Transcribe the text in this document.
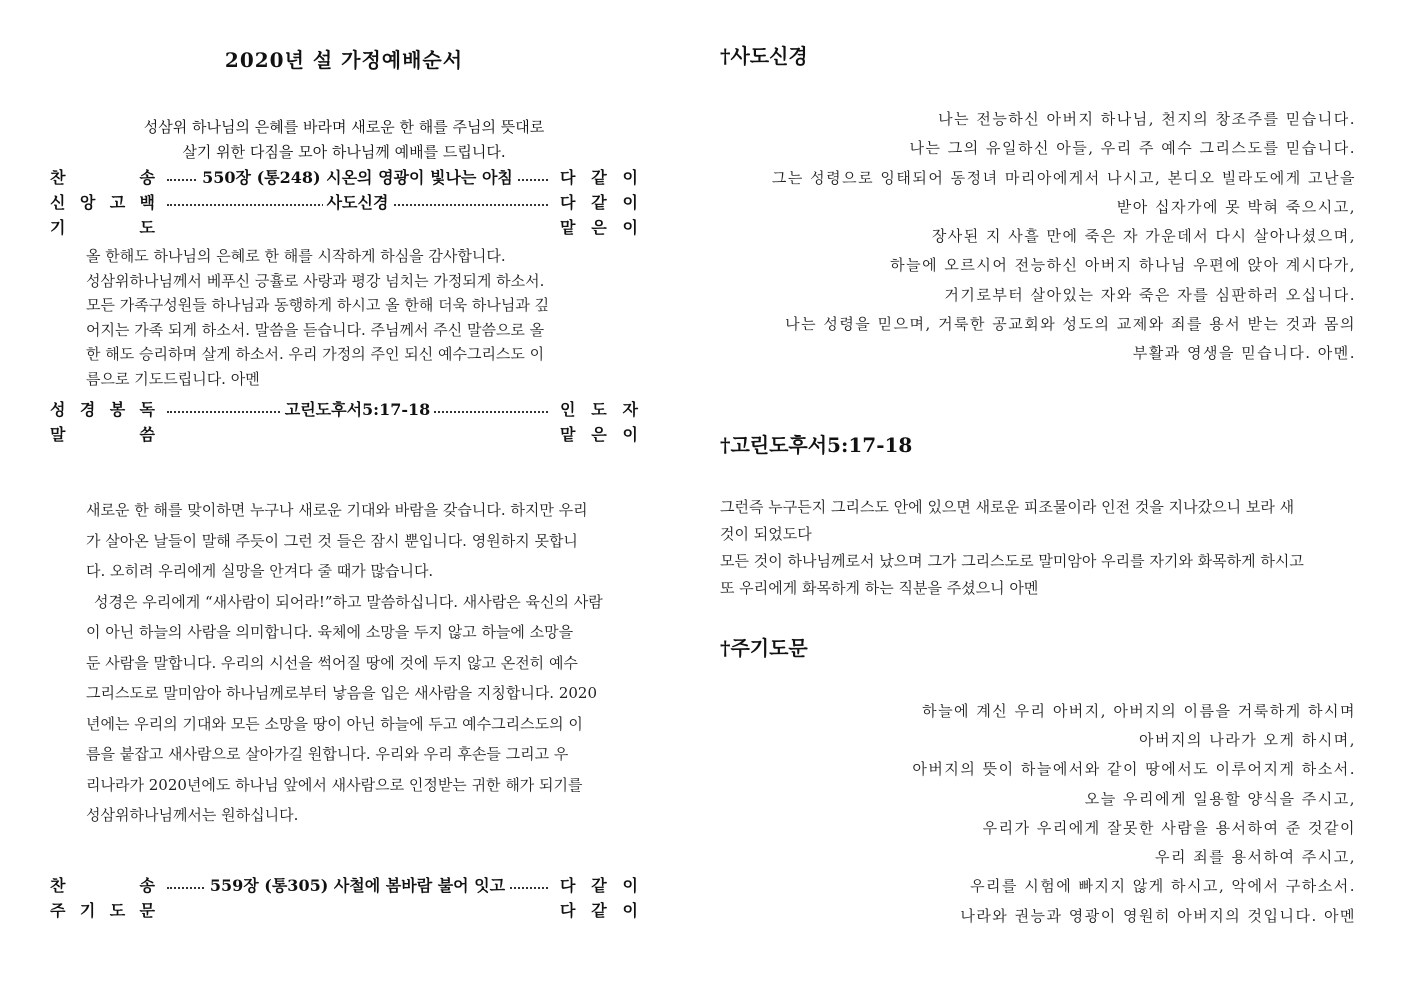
2020년 설 가정예배순서
성삼위 하나님의 은혜를 바라며 새로운 한 해를 주님의 뜻대로
살기 위한 다짐을 모아 하나님께 예배를 드립니다.
찬	송	550장 (통248) 시온의 영광이 빛나는 아침	다 같 이
신 앙 고 백	사도신경	다 같 이
기	도	맡 은 이

올 한해도 하나님의 은혜로 한 해를 시작하게 하심을 감사합니다.

성삼위하나님께서 베푸신 긍휼로 사랑과 평강 넘치는 가정되게 하소서.

모든 가족구성원들 하나님과 동행하게 하시고 올 한해 더욱 하나님과 깊

어지는 가족 되게 하소서. 말씀을 듣습니다. 주님께서 주신 말씀으로 올

한 해도 승리하며 살게 하소서. 우리 가정의 주인 되신 예수그리스도 이

름으로 기도드립니다. 아멘

성 경 봉 독	고린도후서5:17-18	인 도 자
말	씀	맡 은 이

새로운 한 해를 맞이하면 누구나 새로운 기대와 바람을 갖습니다. 하지만 우리

가 살아온 날들이 말해 주듯이 그런 것 들은 잠시 뿐입니다. 영원하지 못합니

다. 오히려 우리에게 실망을 안겨다 줄 때가 많습니다.

성경은 우리에게 “새사람이 되어라!”하고 말씀하십니다. 새사람은 육신의 사람

이 아닌 하늘의 사람을 의미합니다. 육체에 소망을 두지 않고 하늘에 소망을

둔 사람을 말합니다. 우리의 시선을 썩어질 땅에 것에 두지 않고 온전히 예수

그리스도로 말미암아 하나님께로부터 낳음을 입은 새사람을 지칭합니다. 2020

년에는 우리의 기대와 모든 소망을 땅이 아닌 하늘에 두고 예수그리스도의 이

름을 붙잡고 새사람으로 살아가길 원합니다. 우리와 우리 후손들 그리고 우

리나라가 2020년에도 하나님 앞에서 새사람으로 인정받는 귀한 해가 되기를

성삼위하나님께서는 원하십니다.

찬	송	559장 (통305) 사철에 봄바람 불어 잇고	다 같 이
주 기 도 문	다 같 이
†사도신경

나는 전능하신 아버지 하나님, 천지의 창조주를 믿습니다.

나는 그의 유일하신 아들, 우리 주 예수 그리스도를 믿습니다.

그는 성령으로 잉태되어 동정녀 마리아에게서 나시고, 본디오 빌라도에게 고난을

받아 십자가에 못 박혀 죽으시고,

장사된 지 사흘 만에 죽은 자 가운데서 다시 살아나셨으며,

하늘에 오르시어 전능하신 아버지 하나님 우편에 앉아 계시다가,

거기로부터 살아있는 자와 죽은 자를 심판하러 오십니다.

나는 성령을 믿으며, 거룩한 공교회와 성도의 교제와 죄를 용서 받는 것과 몸의

부활과 영생을 믿습니다. 아멘.

†고린도후서5:17-18

그런즉 누구든지 그리스도 안에 있으면 새로운 피조물이라 인전 것을 지나갔으니 보라 새

것이 되었도다

모든 것이 하나님께로서 났으며 그가 그리스도로 말미암아 우리를 자기와 화목하게 하시고

또 우리에게 화목하게 하는 직분을 주셨으니 아멘

†주기도문

하늘에 계신 우리 아버지, 아버지의 이름을 거룩하게 하시며

아버지의 나라가 오게 하시며,

아버지의 뜻이 하늘에서와 같이 땅에서도 이루어지게 하소서.

오늘 우리에게 일용할 양식을 주시고,

우리가 우리에게 잘못한 사람을 용서하여 준 것같이

우리 죄를 용서하여 주시고,

우리를 시험에 빠지지 않게 하시고, 악에서 구하소서.

나라와 권능과 영광이 영원히 아버지의 것입니다. 아멘
